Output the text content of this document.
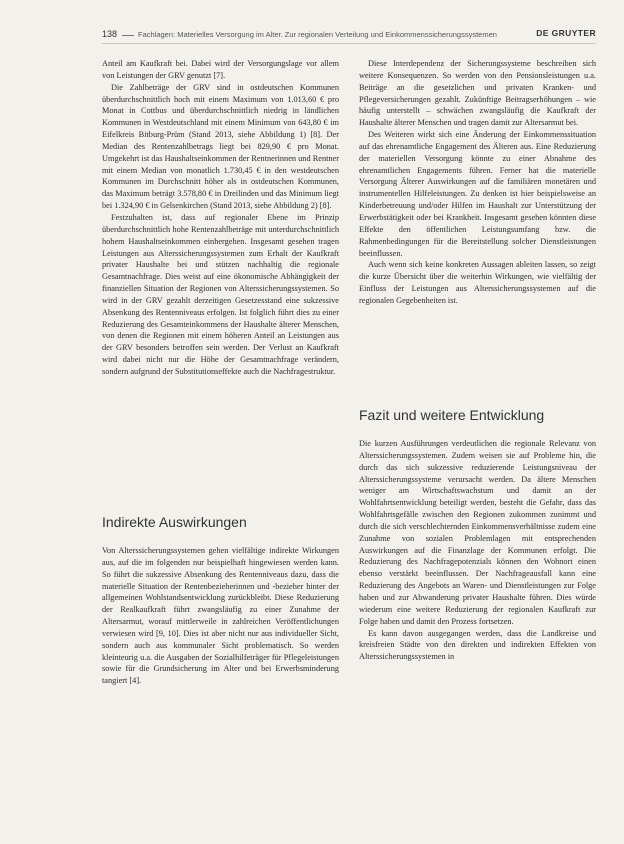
138	Fachlagen: Materielles Versorgung im Alter. Zur regionalen Verteilung und Einkommenssicherungssystemen	DE GRUYTER

Anteil am Kaufkraft bei. Dabei wird der Versorgungslage vor allem von Leistungen der GRV genutzt [7].

Die Zahlbeträge der GRV sind in ostdeutschen Kommunen überdurchschnittlich hoch mit einem Maximum von 1.013,60 € pro Monat in Cottbus und überdurchschnittlich niedrig in ländlichen Kommunen in Westdeutschland mit einem Minimum von 643,80 € im Eifelkreis Bitburg-Prüm (Stand 2013, siehe Abbildung 1) [8]. Der Median des Rentenzahlbetrags liegt bei 829,90 € pro Monat. Umgekehrt ist das Haushaltseinkommen der Rentnerinnen und Rentner mit einem Median von monatlich 1.730,45 € in den westdeutschen Kommunen im Durchschnitt höher als in ostdeutschen Kommunen, das Maximum beträgt 3.578,80 € in Dreilinden und das Minimum liegt bei 1.324,90 € in Gelsenkirchen (Stand 2013, siehe Abbildung 2) [8].

Festzuhalten ist, dass auf regionaler Ebene im Prinzip überdurchschnittlich hohe Rentenzahlbeträge mit unterdurchschnittlich hohem Haushaltseinkommen einhergehen. Insgesamt gesehen tragen Leistungen aus Alterssicherungssystemen zum Erhalt der Kaufkraft privater Haushalte bei und stützen nachhaltig die regionale Gesamtnachfrage. Dies weist auf eine ökonomische Abhängigkeit der finanziellen Situation der Regionen von Alterssicherungssystemen. So wird in der GRV gezahlt derzeitigen Gesetzesstand eine sukzessive Absenkung des Rentenniveaus erfolgen. Ist folglich führt dies zu einer Reduzierung des Gesamteinkommens der Haushalte älterer Menschen, von denen die Regionen mit einem höheren Anteil an Leistungen aus der GRV besonders betroffen sein werden. Der Verlust an Kaufkraft wird dabei nicht nur die Höhe der Gesamtnachfrage verändern, sondern aufgrund der Substitutionseffekte auch die Nachfragestruktur.

Indirekte Auswirkungen

Von Alterssicherungssystemen gehen vielfältige indirekte Wirkungen aus, auf die im folgenden nur beispielhaft hingewiesen werden kann. So führt die sukzessive Absenkung des Rentenniveaus dazu, dass die materielle Situation der Rentenbezieherinnen und -bezieher hinter der allgemeinen Wohlstandsentwicklung zurückbleibt. Diese Reduzierung der Realkaufkraft führt zwangsläufig zu einer Zunahme der Altersarmut, worauf mittlerweile in zahlreichen Veröffentlichungen verwiesen wird [9, 10]. Dies ist aber nicht nur aus individueller Sicht, sondern auch aus kommunaler Sicht problematisch. So werden kleinteurig u.a. die Ausgaben der Sozialhilfeträger für Pflegeleistungen sowie für die Grundsicherung im Alter und bei Erwerbsminderung tangiert [4].

Diese Interdependenz der Sicherungssysteme beschreiben sich weitere Konsequenzen. So werden von den Pensionsleistungen u.a. Beiträge an die gesetzlichen und privaten Kranken- und Pflegeversicherungen gezahlt. Zukünftige Beitragserhöhungen – wie häufig unterstellt – schwächen zwangsläufig die Kaufkraft der Haushalte älterer Menschen und tragen damit zur Altersarmut bei.

Des Weiteren wirkt sich eine Änderung der Einkommenssituation auf das ehrenamtliche Engagement des Älteren aus. Eine Reduzierung der materiellen Versorgung könnte zu einer Abnahme des ehrenamtlichen Engagements führen. Ferner hat die materielle Versorgung Älterer Auswirkungen auf die familiären monetären und instrumentellen Hilfeleistungen. Zu denken ist hier beispielsweise an Kinderbetreuung und/oder Hilfen im Haushalt zur Unterstützung der Erwerbstätigkeit oder bei Krankheit. Insgesamt gesehen könnten diese Effekte den öffentlichen Leistungsumfang bzw. die Rahmenbedingungen für die Bereitstellung solcher Dienstleistungen beeinflussen.

Auch wenn sich keine konkreten Aussagen ableiten lassen, so zeigt die kurze Übersicht über die weiterhin Wirkungen, wie vielfältig der Einfluss der Leistungen aus Alterssicherungssystemen auf die regionalen Gegebenheiten ist.

Fazit und weitere Entwicklung

Die kurzen Ausführungen verdeutlichen die regionale Relevanz von Alterssicherungssystemen. Zudem weisen sie auf Probleme hin, die durch das sich sukzessive reduzierende Leistungsniveau der Alterssicherungssysteme verursacht werden. Da ältere Menschen weniger am Wirtschaftswachstum und damit an der Wohlfahrtsentwicklung beteiligt werden, besteht die Gefahr, dass das Wohlfahrtsgefälle zwischen den Regionen zukommen zunimmt und durch die sich verschlechternden Einkommensverhältnisse zudem eine Zunahme von sozialen Problemlagen mit entsprechenden Auswirkungen auf die Finanzlage der Kommunen erfolgt. Die Reduzierung des Nachfragepotenzials können den Wohnort einen ebenso verstärkt beeinflussen. Der Nachfrageausfall kann eine Reduzierung des Angebots an Waren- und Dienstleistungen zur Folge haben und zur Abwanderung privater Haushalte führen. Dies würde wiederum eine weitere Reduzierung der regionalen Kaufkraft zur Folge haben und damit den Prozess fortsetzen.

Es kann davon ausgegangen werden, dass die Landkreise und kreisfreien Städte von den direkten und indirekten Effekten von Alterssicherungssystemen in
